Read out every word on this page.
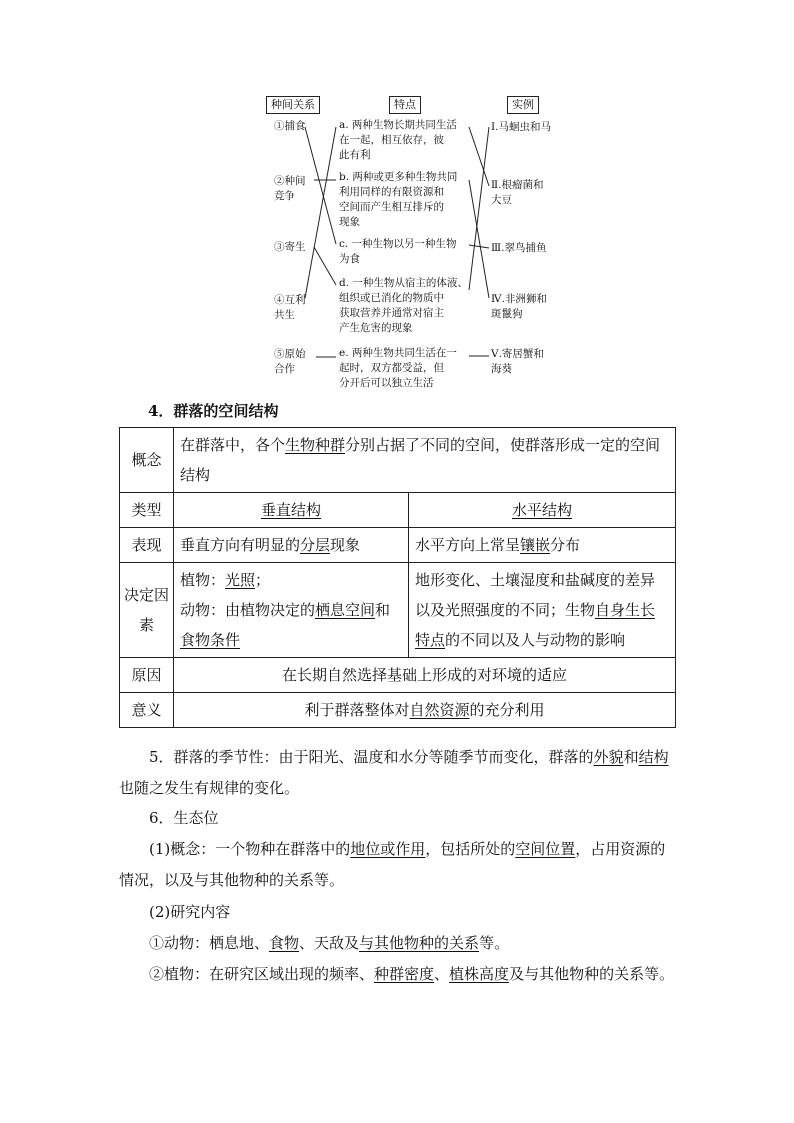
种间关系	特点	实例
①捕食
②种间
竞争
③寄生
④互利
共生
⑤原始
合作
a. 两种生物长期共同生活
在一起，相互依存，彼
此有利
b. 两种或更多种生物共同
利用同样的有限资源和
空间而产生相互排斥的
现象
c. 一种生物以另一种生物
为食
d. 一种生物从宿主的体液、
组织或已消化的物质中
获取营养并通常对宿主
产生危害的现象
e. 两种生物共同生活在一
起时，双方都受益，但
分开后可以独立生活
Ⅰ.马蛔虫和马
Ⅱ.根瘤菌和
大豆
Ⅲ.翠鸟捕鱼
Ⅳ.非洲狮和
斑鬣狗
Ⅴ.寄居蟹和
海葵
4．群落的空间结构
概念	在群落中，各个生物种群分别占据了不同的空间，使群落形成一定的空间结构	
类型	垂直结构	水平结构
表现	垂直方向有明显的分层现象	水平方向上常呈镶嵌分布
决定因素	植物：光照；
动物：由植物决定的栖息空间和食物条件	地形变化、土壤湿度和盐碱度的差异以及光照强度的不同；生物自身生长特点的不同以及人与动物的影响
原因	在长期自然选择基础上形成的对环境的适应	
意义	利于群落整体对自然资源的充分利用	
5．群落的季节性：由于阳光、温度和水分等随季节而变化，群落的外貌和结构也随之发生有规律的变化。
6．生态位
(1)概念：一个物种在群落中的地位或作用，包括所处的空间位置，占用资源的情况，以及与其他物种的关系等。
(2)研究内容
①动物：栖息地、食物、天敌及与其他物种的关系等。
②植物：在研究区域出现的频率、种群密度、植株高度及与其他物种的关系等。
